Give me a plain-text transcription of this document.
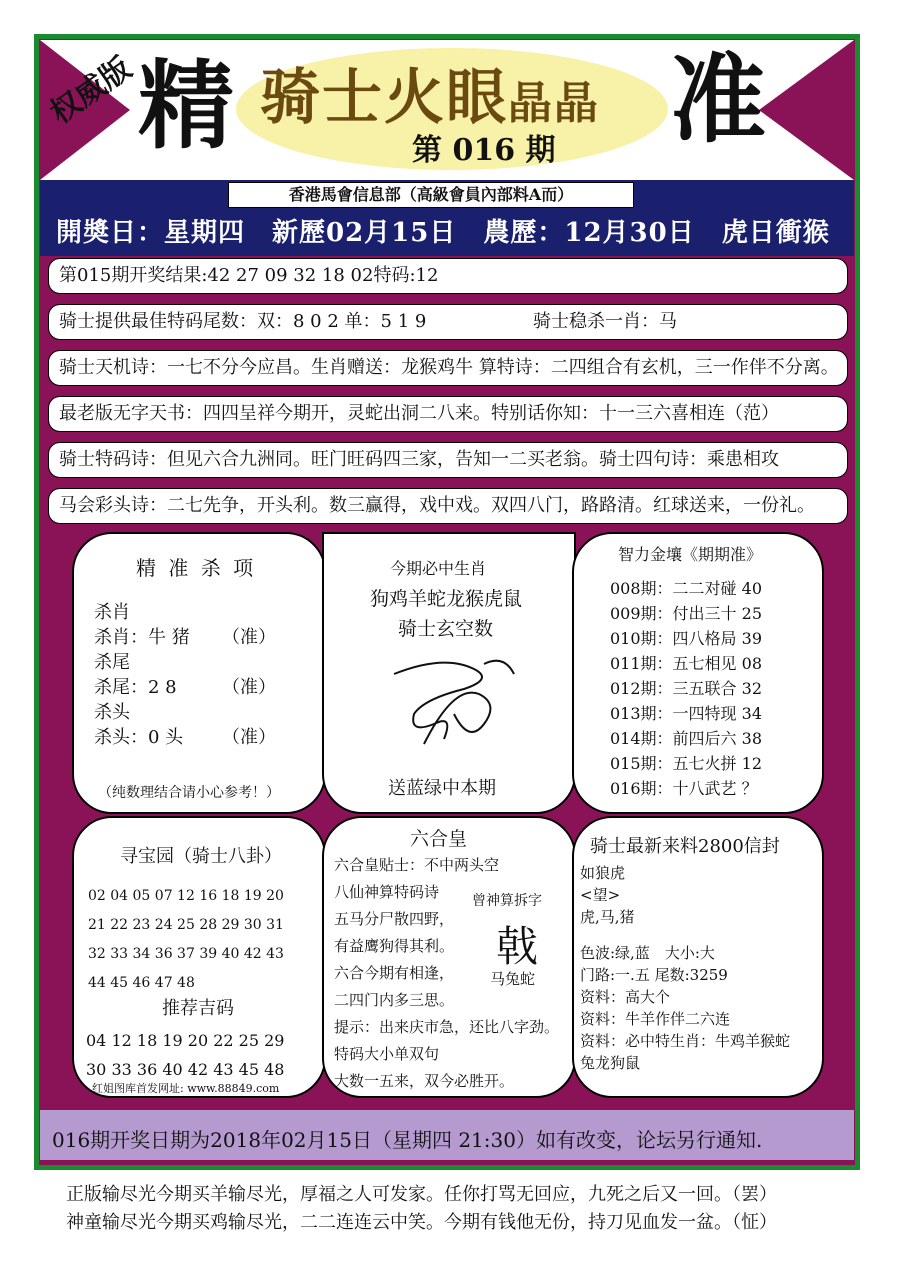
权威版 精 骑士火眼晶晶
第 016 期 准
香港馬會信息部（高級會員內部料A而）
開奬日：星期四　新歷02月15日　農歷：12月30日　虎日衝猴
第015期开奖结果:42 27 09 32 18 02特码:12
骑士提供最佳特码尾数：双：8 0 2 单：5 1 9	骑士稳杀一肖：马
骑士天机诗：一七不分今应昌。生肖赠送：龙猴鸡牛 算特诗：二四组合有玄机，三一作伴不分离。
最老版无字天书：四四呈祥今期开，灵蛇出洞二八来。特别话你知：十一三六喜相连（范）
骑士特码诗：但见六合九洲同。旺门旺码四三家，告知一二买老翁。骑士四句诗：乘患相攻
马会彩头诗：二七先争，开头利。数三赢得，戏中戏。双四八门，路路清。红球送来，一份礼。
精 准 杀 项
杀肖
杀肖：牛 猪 （准）
杀尾
杀尾：2 8	（准）
杀头
杀头：0 头 （准）
（纯数理结合请小心参考！）
今期必中生肖
狗鸡羊蛇龙猴虎鼠
骑士玄空数
送蓝绿中本期
智力金壤《期期准》
008期：二二对碰 40
009期：付出三十 25
010期：四八格局 39
011期：五七相见 08
012期：三五联合 32
013期：一四特现 34
014期：前四后六 38
015期：五七火拼 12
016期：十八武艺 ？
寻宝园（骑士八卦）
02 04 05 07 12 16 18 19 20
21 22 23 24 25 28 29 30 31
32 33 34 36 37 39 40 42 43
44 45 46 47 48
推荐吉码
04 12 18 19 20 22 25 29
30 33 36 40 42 43 45 48
红姐图库首发网址: www.88849.com
六合皇
六合皇贴士：不中两头空
八仙神算特码诗
五马分尸散四野，
有益鹰狗得其利。
六合今期有相逢，
二四门内多三思。
提示：出来庆市急，还比八字劲。
特码大小单双句
大数一五来，双今必胜开。
曾神算拆字
戟
马兔蛇
骑士最新来料2800信封
如狼虎
<望>
虎,马,猪
色波:绿,蓝　大小:大
门路:一.五 尾数:3259
资料：高大个
资料：牛羊作伴二六连
资料：必中特生肖：牛鸡羊猴蛇
兔龙狗鼠
016期开奖日期为2018年02月15日（星期四 21:30）如有改变，论坛另行通知.
正版输尽光今期买羊输尽光，厚福之人可发家。任你打骂无回应，九死之后又一回。（罢）
神童输尽光今期买鸡输尽光，二二连连云中笑。今期有钱他无份，持刀见血发一盆。（怔）
